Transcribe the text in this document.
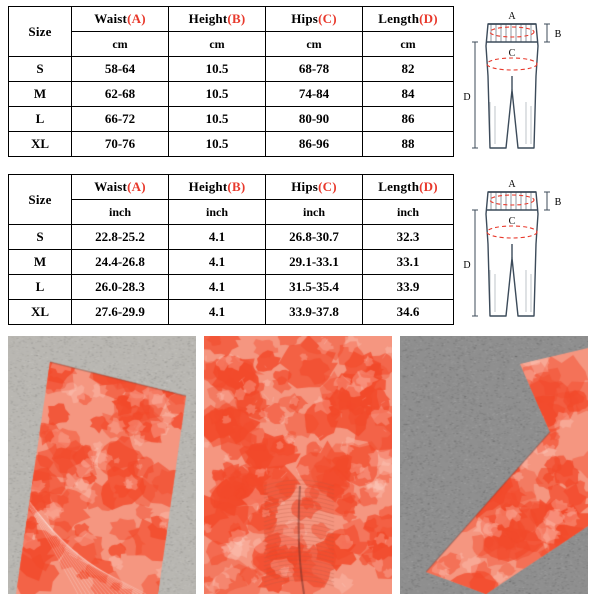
Size	Waist(A)	Height(B)	Hips(C)	Length(D)
	cm	cm	cm	cm
S	58-64	10.5	68-78	82
M	62-68	10.5	74-84	84
L	66-72	10.5	80-90	86
XL	70-76	10.5	86-96	88
A
B
C
D
Size	Waist(A)	Height(B)	Hips(C)	Length(D)
	inch	inch	inch	inch
S	22.8-25.2	4.1	26.8-30.7	32.3
M	24.4-26.8	4.1	29.1-33.1	33.1
L	26.0-28.3	4.1	31.5-35.4	33.9
XL	27.6-29.9	4.1	33.9-37.8	34.6
A
B
C
D
